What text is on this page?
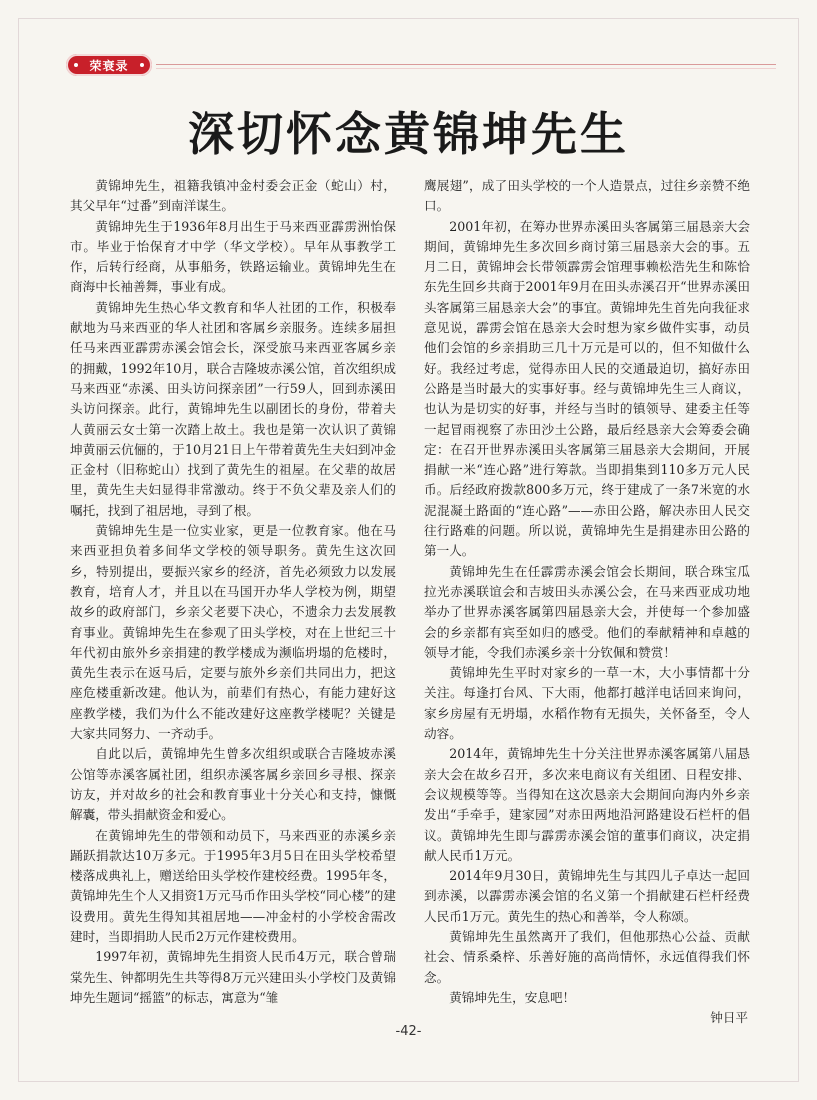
荣衰录
深切怀念黄锦坤先生

黄锦坤先生，祖籍我镇冲金村委会正金（蛇山）村，其父早年“过番”到南洋谋生。

黄锦坤先生于1936年8月出生于马来西亚霹雳洲怡保市。毕业于怡保育才中学（华文学校）。早年从事教学工作，后转行经商，从事船务，铁路运输业。黄锦坤先生在商海中长袖善舞，事业有成。

黄锦坤先生热心华文教育和华人社团的工作，积极奉献地为马来西亚的华人社团和客属乡亲服务。连续多届担任马来西亚霹雳赤溪会馆会长，深受旅马来西亚客属乡亲的拥戴，1992年10月，联合吉隆坡赤溪公馆，首次组织成马来西亚“赤溪、田头访问探亲团”一行59人，回到赤溪田头访问探亲。此行，黄锦坤先生以副团长的身份，带着夫人黄丽云女士第一次踏上故土。我也是第一次认识了黄锦坤黄丽云伉俪的，于10月21日上午带着黄先生夫妇到冲金正金村（旧称蛇山）找到了黄先生的祖屋。在父辈的故居里，黄先生夫妇显得非常激动。终于不负父辈及亲人们的嘱托，找到了祖居地，寻到了根。

黄锦坤先生是一位实业家，更是一位教育家。他在马来西亚担负着多间华文学校的领导职务。黄先生这次回乡，特别提出，要振兴家乡的经济，首先必须致力以发展教育，培育人才，并且以在马国开办华人学校为例，期望故乡的政府部门，乡亲父老要下决心，不遗余力去发展教育事业。黄锦坤先生在参观了田头学校，对在上世纪三十年代初由旅外乡亲捐建的教学楼成为濒临坍塌的危楼时，黄先生表示在返马后，定要与旅外乡亲们共同出力，把这座危楼重新改建。他认为，前辈们有热心，有能力建好这座教学楼，我们为什么不能改建好这座教学楼呢？关键是大家共同努力、一齐动手。

自此以后，黄锦坤先生曾多次组织或联合吉隆坡赤溪公馆等赤溪客属社团，组织赤溪客属乡亲回乡寻根、探亲访友，并对故乡的社会和教育事业十分关心和支持，慷慨解囊，带头捐献资金和爱心。

在黄锦坤先生的带领和动员下，马来西亚的赤溪乡亲踊跃捐款达10万多元。于1995年3月5日在田头学校希望楼落成典礼上，赠送给田头学校作建校经费。1995年冬，黄锦坤先生个人又捐资1万元马币作田头学校“同心楼”的建设费用。黄先生得知其祖居地——冲金村的小学校舍需改建时，当即捐助人民币2万元作建校费用。

1997年初，黄锦坤先生捐资人民币4万元，联合曾瑞棠先生、钟都明先生共等得8万元兴建田头小学校门及黄锦坤先生题词“摇篮”的标志，寓意为“雏

鹰展翅”，成了田头学校的一个人造景点，过往乡亲赞不绝口。

2001年初，在筹办世界赤溪田头客属第三届恳亲大会期间，黄锦坤先生多次回乡商讨第三届恳亲大会的事。五月二日，黄锦坤会长带领霹雳会馆理事赖松浩先生和陈恰东先生回乡共商于2001年9月在田头赤溪召开“世界赤溪田头客属第三届恳亲大会”的事宜。黄锦坤先生首先向我征求意见说，霹雳会馆在恳亲大会时想为家乡做件实事，动员他们会馆的乡亲捐助三几十万元是可以的，但不知做什么好。我经过考虑，觉得赤田人民的交通最迫切，搞好赤田公路是当时最大的实事好事。经与黄锦坤先生三人商议，也认为是切实的好事，并经与当时的镇领导、建委主任等一起冒雨视察了赤田沙土公路，最后经恳亲大会筹委会确定：在召开世界赤溪田头客属第三届恳亲大会期间，开展捐献一米“连心路”进行筹款。当即捐集到110多万元人民币。后经政府拨款800多万元，终于建成了一条7米宽的水泥混凝土路面的“连心路”——赤田公路，解决赤田人民交往行路难的问题。所以说，黄锦坤先生是捐建赤田公路的第一人。

黄锦坤先生在任霹雳赤溪会馆会长期间，联合珠宝瓜拉光赤溪联谊会和吉坡田头赤溪公会，在马来西亚成功地举办了世界赤溪客属第四届恳亲大会，并使每一个参加盛会的乡亲都有宾至如归的感受。他们的奉献精神和卓越的领导才能，令我们赤溪乡亲十分钦佩和赞赏！

黄锦坤先生平时对家乡的一草一木，大小事情都十分关注。每逢打台风、下大雨，他都打越洋电话回来询问，家乡房屋有无坍塌，水稻作物有无损失，关怀备至，令人动容。

2014年，黄锦坤先生十分关注世界赤溪客属第八届恳亲大会在故乡召开，多次来电商议有关组团、日程安排、会议规模等等。当得知在这次恳亲大会期间向海内外乡亲发出“手牵手，建家园”对赤田两地沿河路建设石栏杆的倡议。黄锦坤先生即与霹雳赤溪会馆的董事们商议，决定捐献人民币1万元。

2014年9月30日，黄锦坤先生与其四儿子卓达一起回到赤溪，以霹雳赤溪会馆的名义第一个捐献建石栏杆经费人民币1万元。黄先生的热心和善举，令人称颂。

黄锦坤先生虽然离开了我们，但他那热心公益、贡献社会、情系桑梓、乐善好施的高尚情怀，永远值得我们怀念。

黄锦坤先生，安息吧！

钟日平

-42-
